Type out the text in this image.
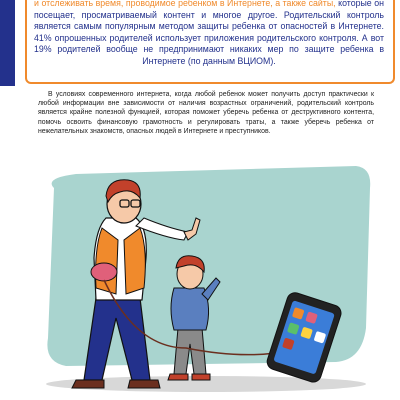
и отслеживать время, проводимое ребенком в Интернете, а также сайты, которые он посещает, просматриваемый контент и многое другое. Родительский контроль является самым популярным методом защиты ребенка от опасностей в Интернете. 41% опрошенных родителей использует приложения родительского контроля. А вот 19% родителей вообще не предпринимают никаких мер по защите ребенка в Интернете (по данным ВЦИОМ).

В условиях современного интернета, когда любой ребенок может получить доступ практически к любой информации вне зависимости от наличия возрастных ограничений, родительский контроль является крайне полезной функцией, которая поможет уберечь ребенка от деструктивного контента, помочь освоить финансовую грамотность и регулировать траты, а также уберечь ребенка от нежелательных знакомств, опасных людей в Интернете и преступников.
